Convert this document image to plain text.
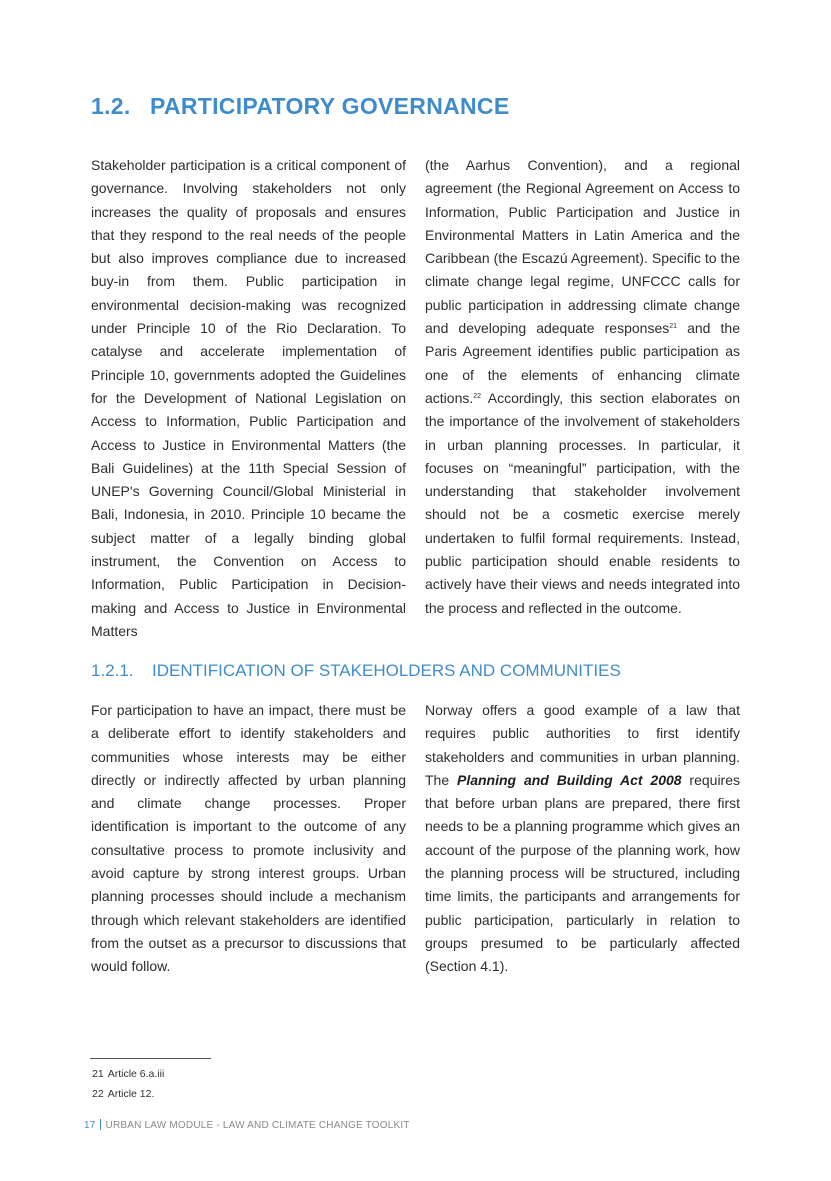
1.2. PARTICIPATORY GOVERNANCE

Stakeholder participation is a critical component of governance. Involving stakeholders not only increases the quality of proposals and ensures that they respond to the real needs of the people but also improves compliance due to increased buy-in from them. Public participation in environmental decision-making was recognized under Principle 10 of the Rio Declaration. To catalyse and accelerate implementation of Principle 10, governments adopted the Guidelines for the Development of National Legislation on Access to Information, Public Participation and Access to Justice in Environmental Matters (the Bali Guidelines) at the 11th Special Session of UNEP's Governing Council/Global Ministerial in Bali, Indonesia, in 2010. Principle 10 became the subject matter of a legally binding global instrument, the Convention on Access to Information, Public Participation in Decision-making and Access to Justice in Environmental Matters

(the Aarhus Convention), and a regional agreement (the Regional Agreement on Access to Information, Public Participation and Justice in Environmental Matters in Latin America and the Caribbean (the Escazú Agreement). Specific to the climate change legal regime, UNFCCC calls for public participation in addressing climate change and developing adequate responses$^{21}$ and the Paris Agreement identifies public participation as one of the elements of enhancing climate actions.$^{22}$ Accordingly, this section elaborates on the importance of the involvement of stakeholders in urban planning processes. In particular, it focuses on “meaningful” participation, with the understanding that stakeholder involvement should not be a cosmetic exercise merely undertaken to fulfil formal requirements. Instead, public participation should enable residents to actively have their views and needs integrated into the process and reflected in the outcome.

1.2.1. IDENTIFICATION OF STAKEHOLDERS AND COMMUNITIES

For participation to have an impact, there must be a deliberate effort to identify stakeholders and communities whose interests may be either directly or indirectly affected by urban planning and climate change processes. Proper identification is important to the outcome of any consultative process to promote inclusivity and avoid capture by strong interest groups. Urban planning processes should include a mechanism through which relevant stakeholders are identified from the outset as a precursor to discussions that would follow.

Norway offers a good example of a law that requires public authorities to first identify stakeholders and communities in urban planning. The Planning and Building Act 2008 requires that before urban plans are prepared, there first needs to be a planning programme which gives an account of the purpose of the planning work, how the planning process will be structured, including time limits, the participants and arrangements for public participation, particularly in relation to groups presumed to be particularly affected (Section 4.1).

21 Article 6.a.iii
22 Article 12.
17 URBAN LAW MODULE - LAW AND CLIMATE CHANGE TOOLKIT
